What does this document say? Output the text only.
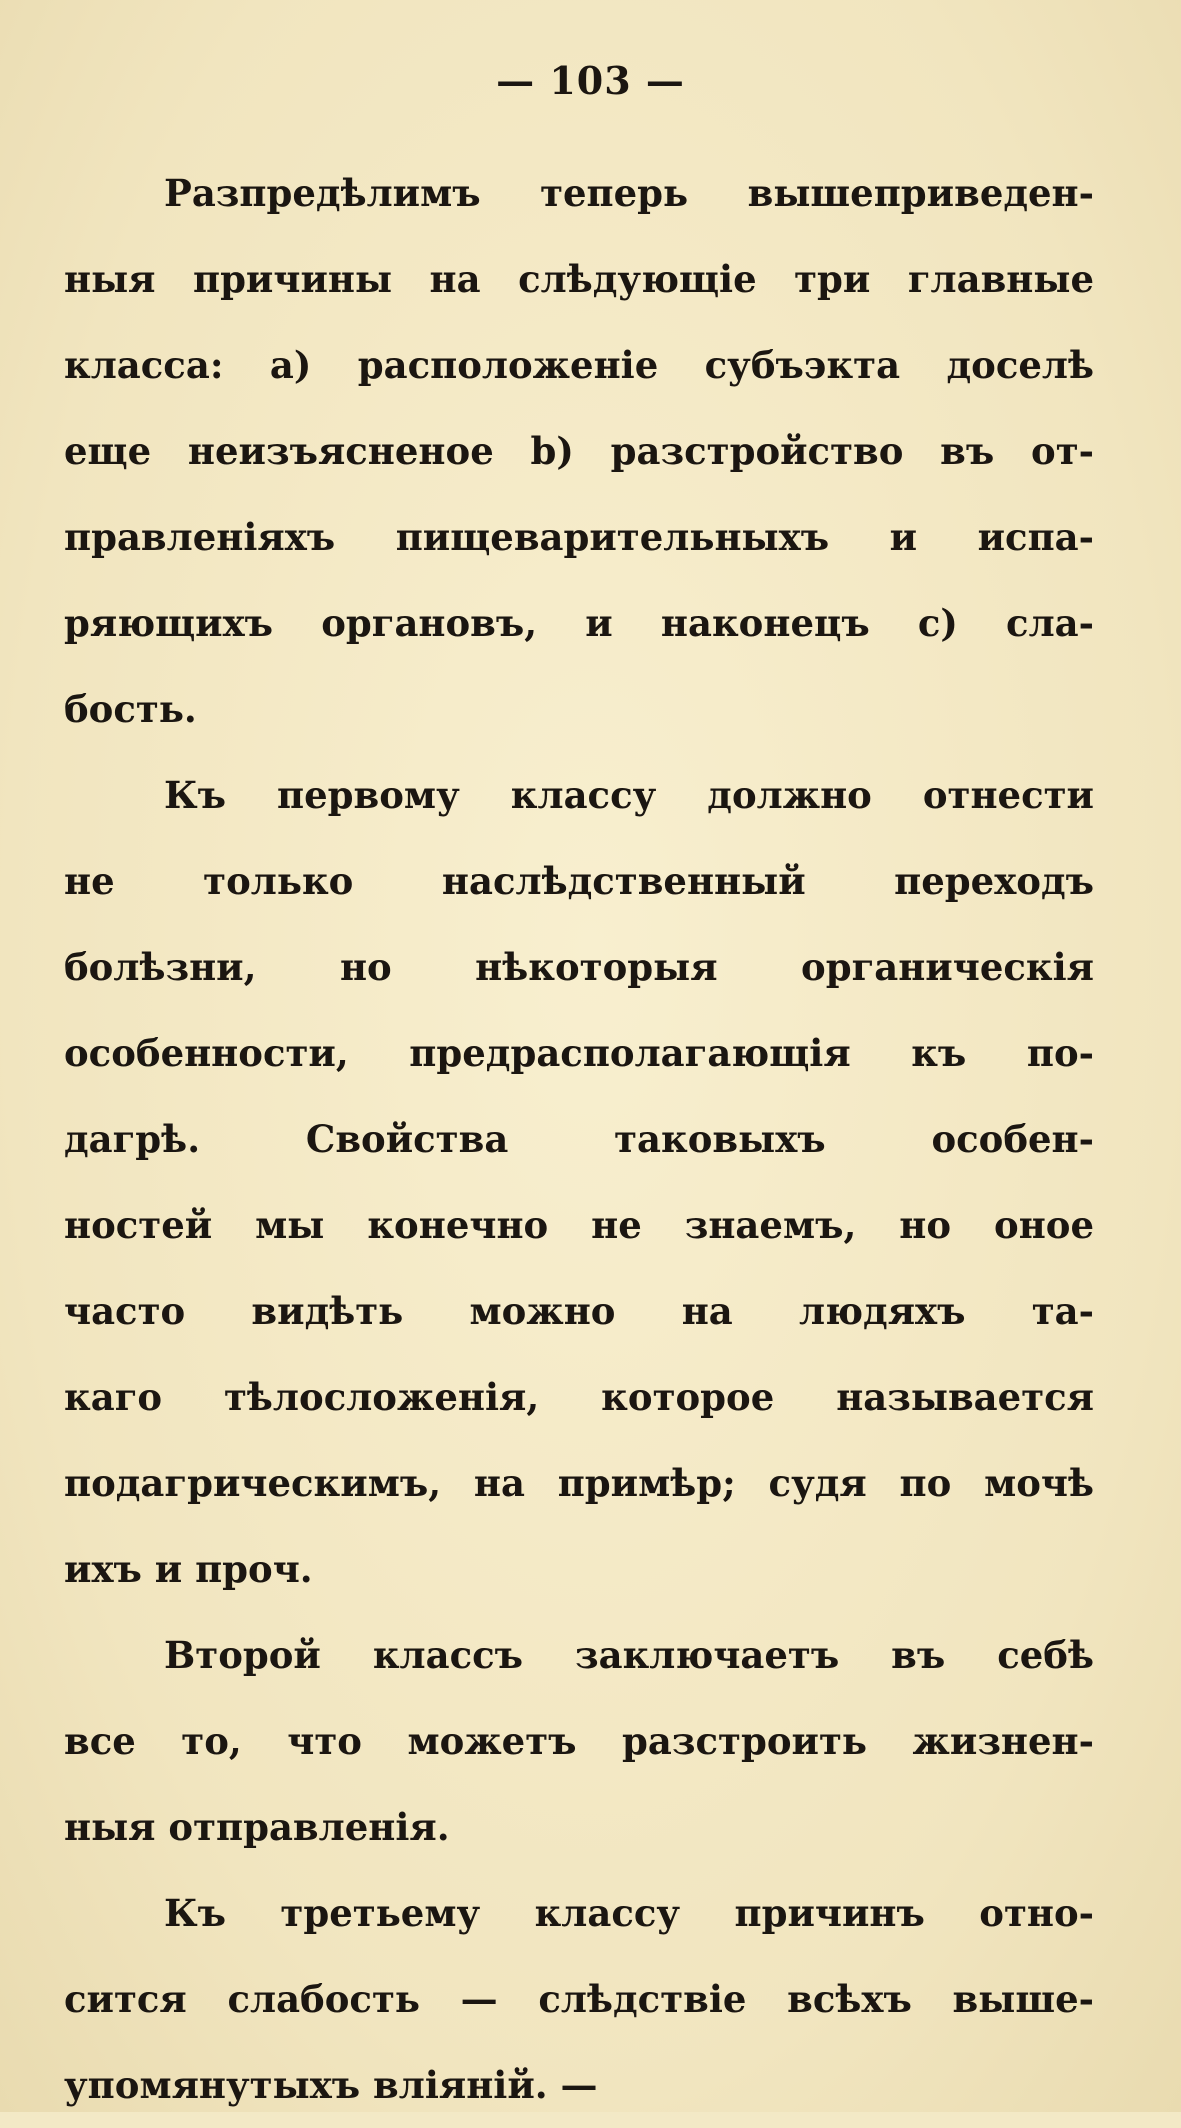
— 103 —
Разпредѣлимъ теперь вышеприведен-
ныя причины на слѣдующіе три главные
класса: а) расположеніе субъэкта доселѣ
еще неизъясненое b) разстройство въ от-
правленіяхъ пищеварительныхъ и испа-
ряющихъ органовъ, и наконецъ с) сла-
бость.
Къ первому классу должно отнести
не только наслѣдственный переходъ
болѣзни, но нѣкоторыя органическія
особенности, предрасполагающія къ по-
дагрѣ. Свойства таковыхъ особен-
ностей мы конечно не знаемъ, но оное
часто видѣть можно на людяхъ та-
каго тѣлосложенія, которое называется
подагрическимъ, на примѣр; судя по мочѣ
ихъ и проч.
Второй классъ заключаетъ въ себѣ
все то, что можетъ разстроить жизнен-
ныя отправленія.
Къ третьему классу причинъ отно-
сится слабость — слѣдствіе всѣхъ выше-
упомянутыхъ вліяній. —
